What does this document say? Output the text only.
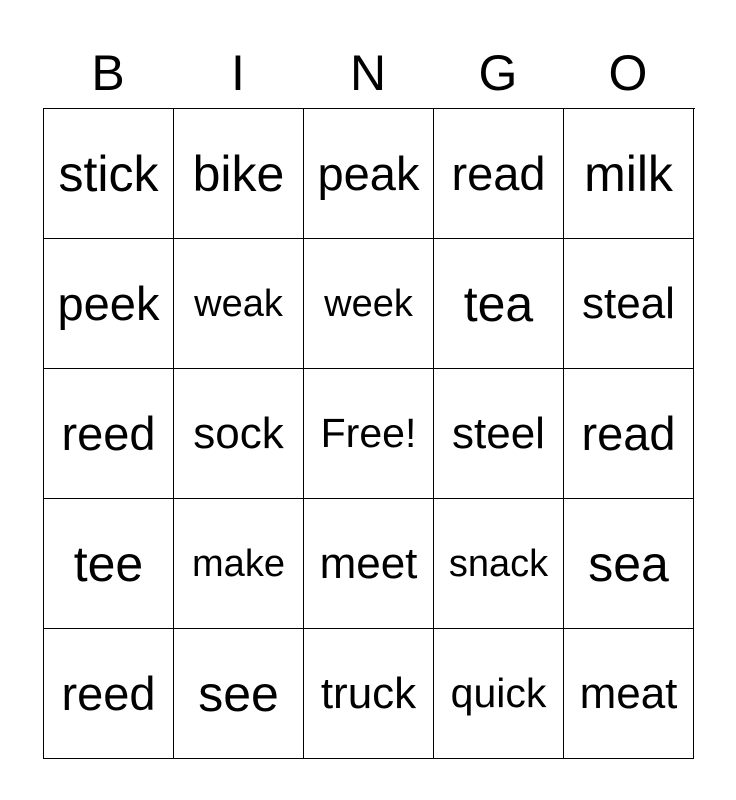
B	I	N	G	O
stick bike peak read milk
peek weak	week	tea	steal
reed sock Free! steel read
tee	make meet snack sea
reed see truck quick meat
